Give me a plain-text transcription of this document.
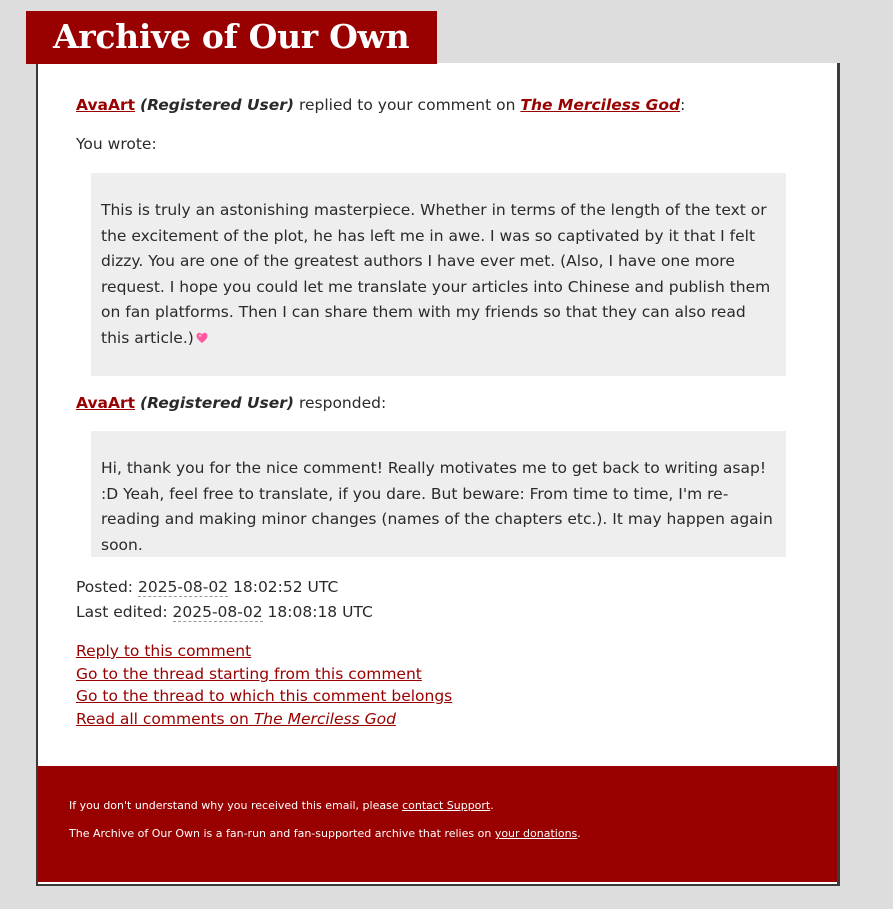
Archive of Our Own
AvaArt (Registered User) replied to your comment on The Merciless God:
You wrote:

This is truly an astonishing masterpiece. Whether in terms of the length of the text or the excitement of the plot, he has left me in awe. I was so captivated by it that I felt dizzy. You are one of the greatest authors I have ever met. (Also, I have one more request. I hope you could let me translate your articles into Chinese and publish them on fan platforms. Then I can share them with my friends so that they can also read this article.)

AvaArt (Registered User) responded:

Hi, thank you for the nice comment! Really motivates me to get back to writing asap! :D Yeah, feel free to translate, if you dare. But beware: From time to time, I'm re-reading and making minor changes (names of the chapters etc.). It may happen again soon.

Posted: 2025-08-02 18:02:52 UTC
Last edited: 2025-08-02 18:08:18 UTC
Reply to this comment
Go to the thread starting from this comment
Go to the thread to which this comment belongs
Read all comments on The Merciless God

If you don't understand why you received this email, please contact Support.

The Archive of Our Own is a fan-run and fan-supported archive that relies on your donations.
